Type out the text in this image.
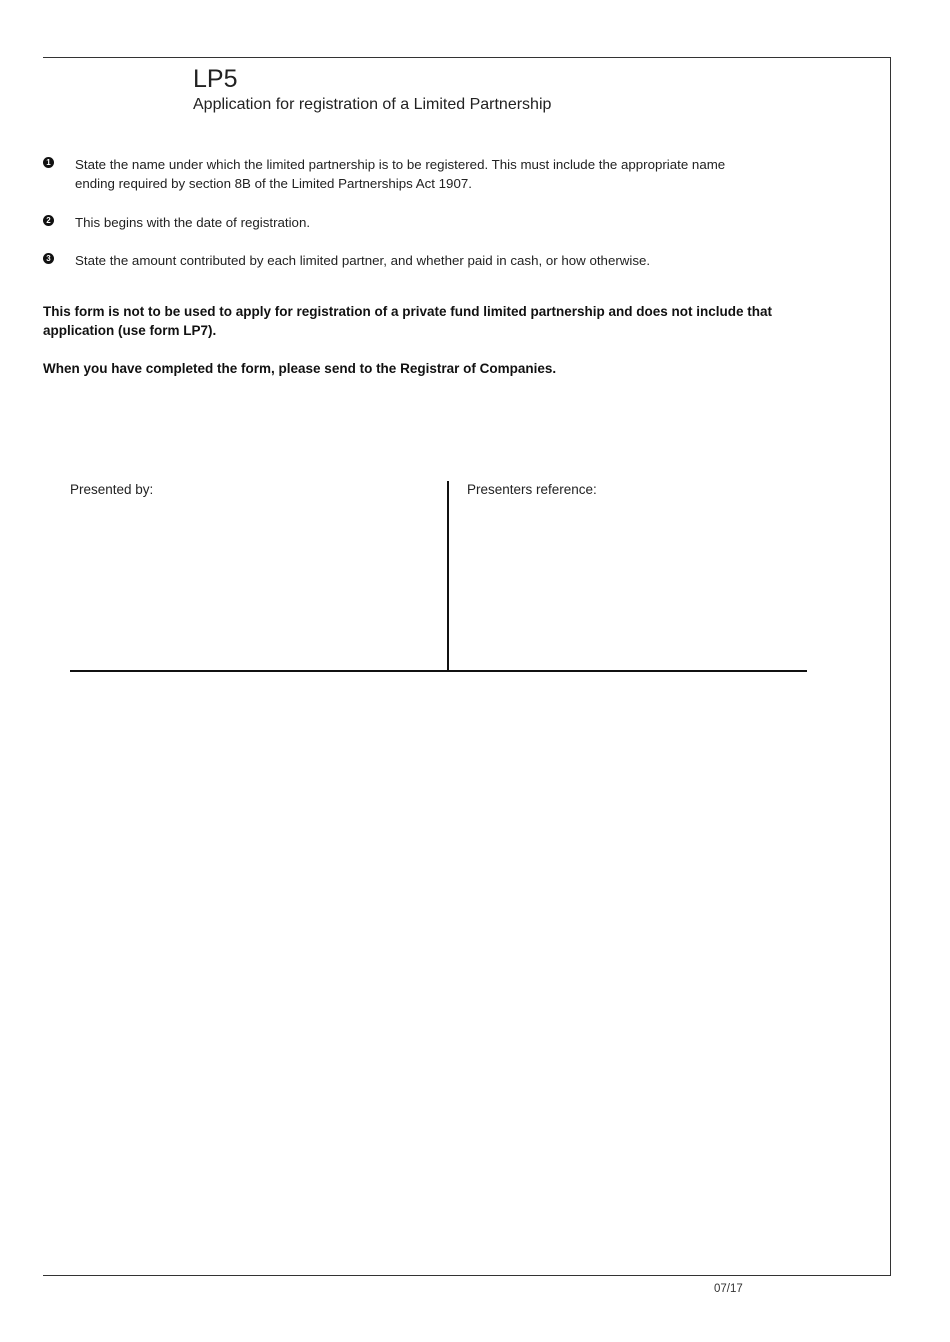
LP5
Application for registration of a Limited Partnership
1 State the name under which the limited partnership is to be registered. This must include the appropriate name ending required by section 8B of the Limited Partnerships Act 1907.
2 This begins with the date of registration.
3 State the amount contributed by each limited partner, and whether paid in cash, or how otherwise.
This form is not to be used to apply for registration of a private fund limited partnership and does not include that application (use form LP7).
When you have completed the form, please send to the Registrar of Companies.
Presented by:	Presenters reference:
07/17
